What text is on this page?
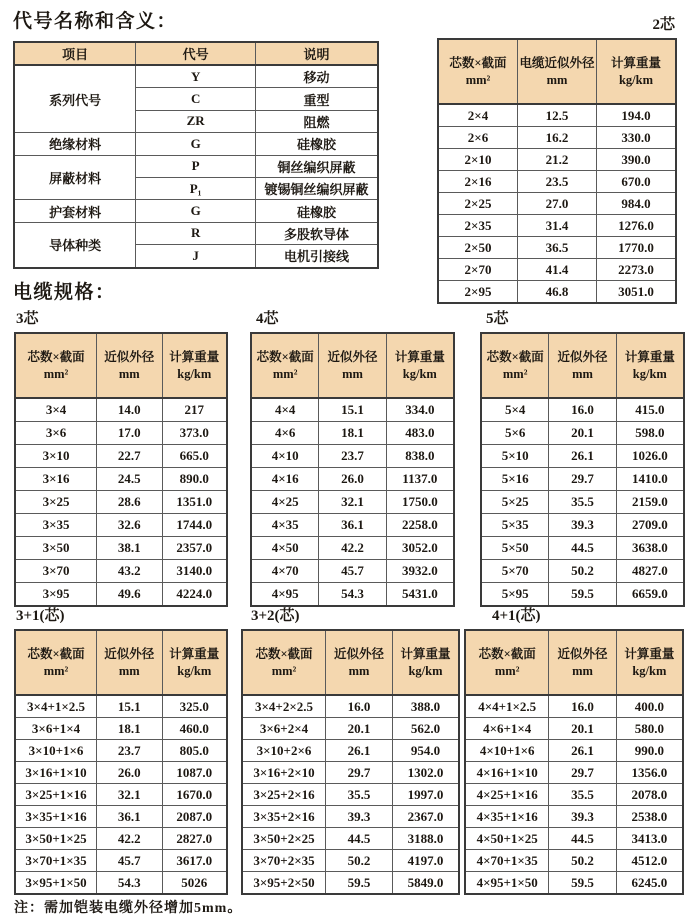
代号名称和含义：
项目	代号	说明
系列代号	Y	移动
	C	重型
	ZR	阻燃
绝缘材料	G	硅橡胶
屏蔽材料	P	铜丝编织屏蔽
	P₁	镀锡铜丝编织屏蔽
护套材料	G	硅橡胶
导体种类	R	多股软导体
	J	电机引接线
电缆规格：
2芯
芯数×截面
mm²

电缆近似外径
mm

计算重量
kg/km

2×4	12.5	194.0
2×6	16.2	330.0
2×10	21.2	390.0
2×16	23.5	670.0
2×25	27.0	984.0
2×35	31.4	1276.0
2×50	36.5	1770.0
2×70	41.4	2273.0
2×95	46.8	3051.0
3芯
芯数×截面
mm²

近似外径
mm

计算重量
kg/km

3×4	14.0	217
3×6	17.0	373.0
3×10	22.7	665.0
3×16	24.5	890.0
3×25	28.6	1351.0
3×35	32.6	1744.0
3×50	38.1	2357.0
3×70	43.2	3140.0
3×95	49.6	4224.0
4芯
芯数×截面
mm²

近似外径
mm

计算重量
kg/km

4×4	15.1	334.0
4×6	18.1	483.0
4×10	23.7	838.0
4×16	26.0	1137.0
4×25	32.1	1750.0
4×35	36.1	2258.0
4×50	42.2	3052.0
4×70	45.7	3932.0
4×95	54.3	5431.0
5芯
芯数×截面
mm²

近似外径
mm

计算重量
kg/km

5×4	16.0	415.0
5×6	20.1	598.0
5×10	26.1	1026.0
5×16	29.7	1410.0
5×25	35.5	2159.0
5×35	39.3	2709.0
5×50	44.5	3638.0
5×70	50.2	4827.0
5×95	59.5	6659.0
3+1(芯)
芯数×截面
mm²

近似外径
mm

计算重量
kg/km

3×4+1×2.5	15.1	325.0
3×6+1×4	18.1	460.0
3×10+1×6	23.7	805.0
3×16+1×10	26.0	1087.0
3×25+1×16	32.1	1670.0
3×35+1×16	36.1	2087.0
3×50+1×25	42.2	2827.0
3×70+1×35	45.7	3617.0
3×95+1×50	54.3	5026
3+2(芯)
芯数×截面
mm²

近似外径
mm

计算重量
kg/km

3×4+2×2.5	16.0	388.0
3×6+2×4	20.1	562.0
3×10+2×6	26.1	954.0
3×16+2×10	29.7	1302.0
3×25+2×16	35.5	1997.0
3×35+2×16	39.3	2367.0
3×50+2×25	44.5	3188.0
3×70+2×35	50.2	4197.0
3×95+2×50	59.5	5849.0
4+1(芯)
芯数×截面
mm²

近似外径
mm

计算重量
kg/km

4×4+1×2.5	16.0	400.0
4×6+1×4	20.1	580.0
4×10+1×6	26.1	990.0
4×16+1×10	29.7	1356.0
4×25+1×16	35.5	2078.0
4×35+1×16	39.3	2538.0
4×50+1×25	44.5	3413.0
4×70+1×35	50.2	4512.0
4×95+1×50	59.5	6245.0
注：需加铠装电缆外径增加5mm。
